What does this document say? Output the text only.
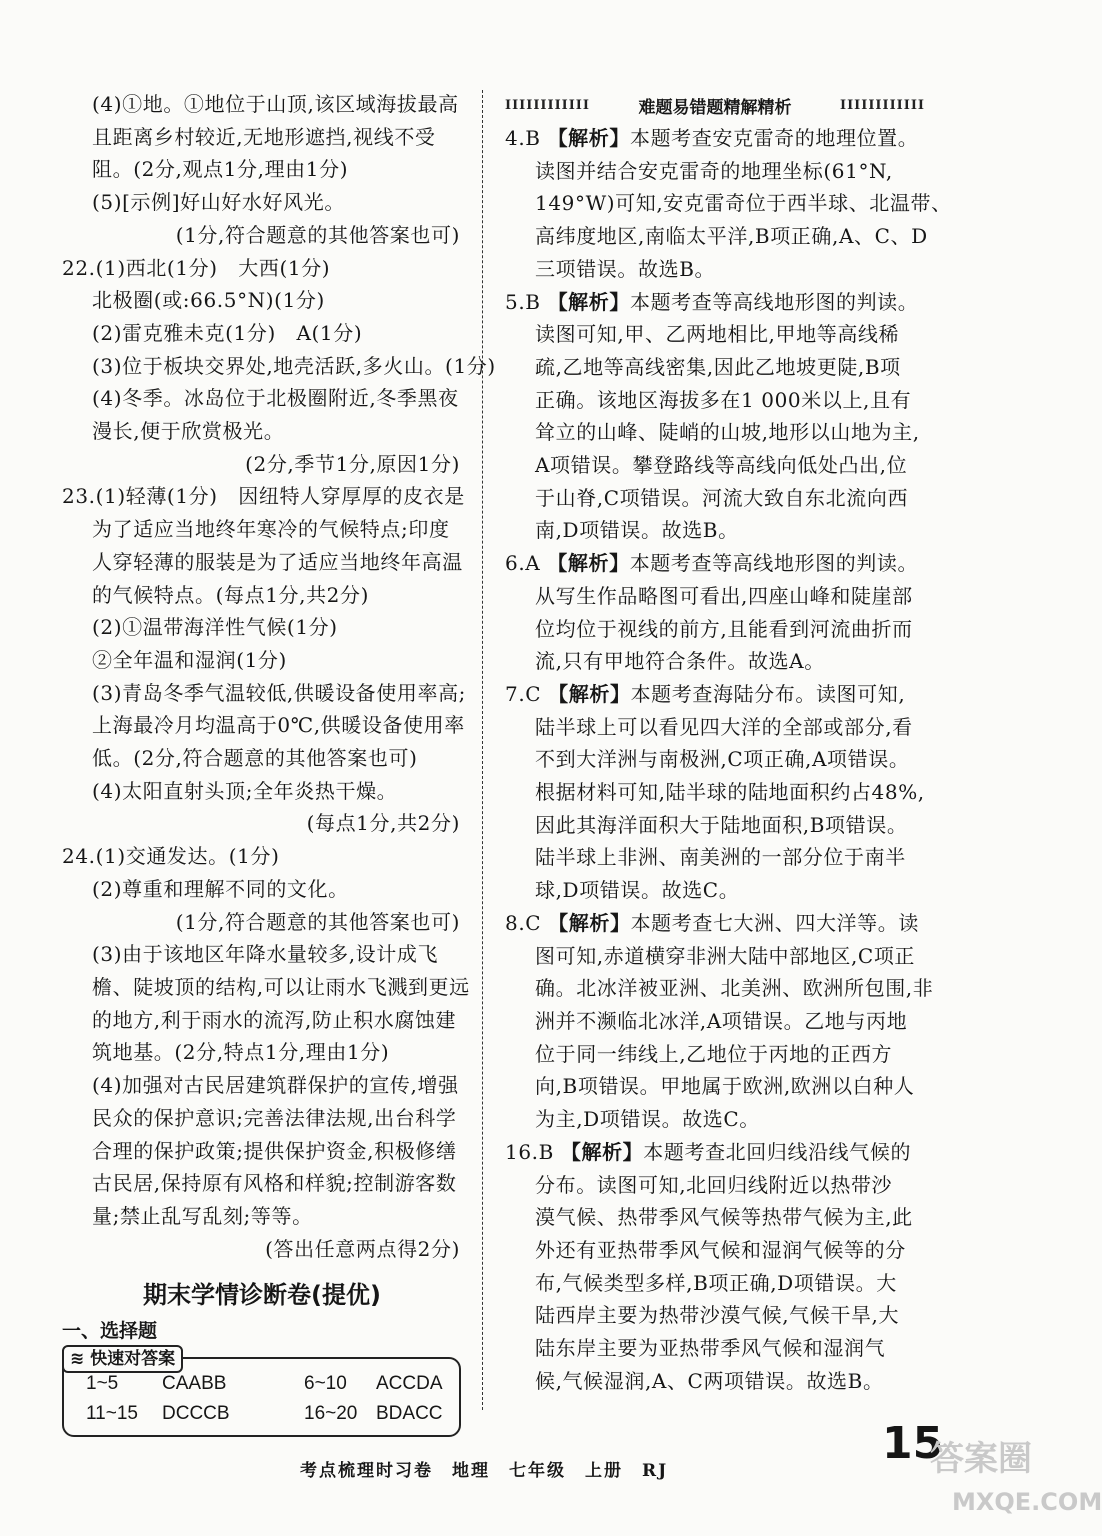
(4)①地。①地位于山顶,该区域海拔最高
且距离乡村较近,无地形遮挡,视线不受
阻。(2分,观点1分,理由1分)
(5)[示例]好山好水好风光。
(1分,符合题意的其他答案也可)
22.(1)西北(1分)　大西(1分)
北极圈(或:66.5°N)(1分)
(2)雷克雅未克(1分)　A(1分)
(3)位于板块交界处,地壳活跃,多火山。(1分)
(4)冬季。冰岛位于北极圈附近,冬季黑夜
漫长,便于欣赏极光。
(2分,季节1分,原因1分)
23.(1)轻薄(1分)　因纽特人穿厚厚的皮衣是
为了适应当地终年寒冷的气候特点;印度
人穿轻薄的服装是为了适应当地终年高温
的气候特点。(每点1分,共2分)
(2)①温带海洋性气候(1分)
②全年温和湿润(1分)
(3)青岛冬季气温较低,供暖设备使用率高;
上海最冷月均温高于0℃,供暖设备使用率
低。(2分,符合题意的其他答案也可)
(4)太阳直射头顶;全年炎热干燥。
(每点1分,共2分)
24.(1)交通发达。(1分)
(2)尊重和理解不同的文化。
(1分,符合题意的其他答案也可)
(3)由于该地区年降水量较多,设计成飞
檐、陡坡顶的结构,可以让雨水飞溅到更远
的地方,利于雨水的流泻,防止积水腐蚀建
筑地基。(2分,特点1分,理由1分)
(4)加强对古民居建筑群保护的宣传,增强
民众的保护意识;完善法律法规,出台科学
合理的保护政策;提供保护资金,积极修缮
古民居,保持原有风格和样貌;控制游客数
量;禁止乱写乱刻;等等。
(答出任意两点得2分)
期末学情诊断卷(提优)
一、选择题
≋ 快速对答案
1~5 CAABB	6~10 ACCDA
11~15 DCCCB	16~20 BDACC
IIIIIIIIIIII	难题易错题精解精析	IIIIIIIIIIII
4.B 【解析】本题考查安克雷奇的地理位置。
读图并结合安克雷奇的地理坐标(61°N,
149°W)可知,安克雷奇位于西半球、北温带、
高纬度地区,南临太平洋,B项正确,A、C、D
三项错误。故选B。
5.B 【解析】本题考查等高线地形图的判读。
读图可知,甲、乙两地相比,甲地等高线稀
疏,乙地等高线密集,因此乙地坡更陡,B项
正确。该地区海拔多在1 000米以上,且有
耸立的山峰、陡峭的山坡,地形以山地为主,
A项错误。攀登路线等高线向低处凸出,位
于山脊,C项错误。河流大致自东北流向西
南,D项错误。故选B。
6.A 【解析】本题考查等高线地形图的判读。
从写生作品略图可看出,四座山峰和陡崖部
位均位于视线的前方,且能看到河流曲折而
流,只有甲地符合条件。故选A。
7.C 【解析】本题考查海陆分布。读图可知,
陆半球上可以看见四大洋的全部或部分,看
不到大洋洲与南极洲,C项正确,A项错误。
根据材料可知,陆半球的陆地面积约占48%,
因此其海洋面积大于陆地面积,B项错误。
陆半球上非洲、南美洲的一部分位于南半
球,D项错误。故选C。
8.C 【解析】本题考查七大洲、四大洋等。读
图可知,赤道横穿非洲大陆中部地区,C项正
确。北冰洋被亚洲、北美洲、欧洲所包围,非
洲并不濒临北冰洋,A项错误。乙地与丙地
位于同一纬线上,乙地位于丙地的正西方
向,B项错误。甲地属于欧洲,欧洲以白种人
为主,D项错误。故选C。
16.B 【解析】本题考查北回归线沿线气候的
分布。读图可知,北回归线附近以热带沙
漠气候、热带季风气候等热带气候为主,此
外还有亚热带季风气候和湿润气候等的分
布,气候类型多样,B项正确,D项错误。大
陆西岸主要为热带沙漠气候,气候干旱,大
陆东岸主要为亚热带季风气候和湿润气
候,气候湿润,A、C两项错误。故选B。
考点梳理时习卷　地理　七年级　上册　RJ
15
答案圈
MXQE.COM
